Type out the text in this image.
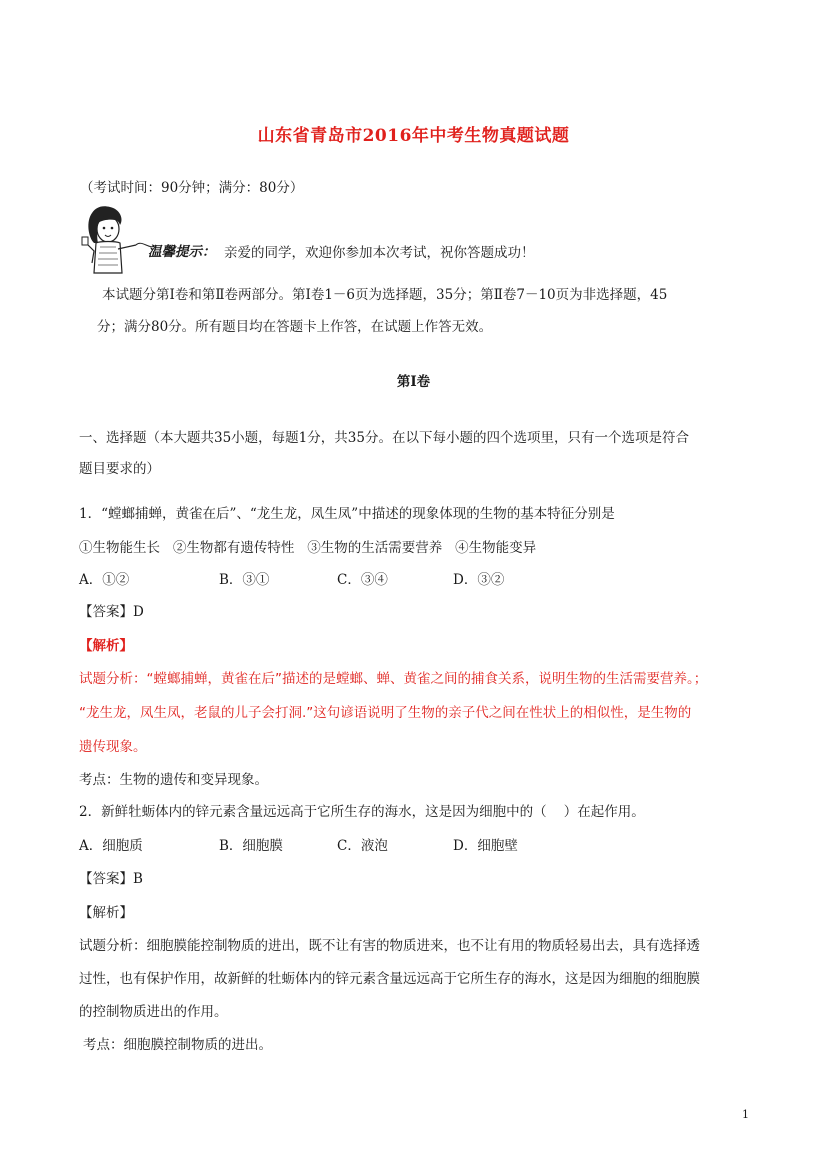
山东省青岛市2016年中考生物真题试题
（考试时间：90分钟；满分：80分）
温馨提示： 亲爱的同学，欢迎你参加本次考试，祝你答题成功！
本试题分第Ⅰ卷和第Ⅱ卷两部分。第Ⅰ卷1－6页为选择题，35分；第Ⅱ卷7－10页为非选择题，45
分；满分80分。所有题目均在答题卡上作答，在试题上作答无效。
第Ⅰ卷
一、选择题（本大题共35小题，每题1分，共35分。在以下每小题的四个选项里，只有一个选项是符合
题目要求的）
1．“螳螂捕蝉，黄雀在后”、“龙生龙，凤生凤”中描述的现象体现的生物的基本特征分别是
①生物能生长   ②生物都有遗传特性   ③生物的生活需要营养   ④生物能变异
A．①②	B．③①	C．③④	D．③②
【答案】D
【解析】
试题分析：“螳螂捕蝉，黄雀在后”描述的是螳螂、蝉、黄雀之间的捕食关系，说明生物的生活需要营养。；
“龙生龙，凤生凤，老鼠的儿子会打洞.”这句谚语说明了生物的亲子代之间在性状上的相似性，是生物的
遗传现象。
考点：生物的遗传和变异现象。
2．新鲜牡蛎体内的锌元素含量远远高于它所生存的海水，这是因为细胞中的（    ）在起作用。
A．细胞质	B．细胞膜	C．液泡	D．细胞壁
【答案】B
【解析】
试题分析：细胞膜能控制物质的进出，既不让有害的物质进来，也不让有用的物质轻易出去，具有选择透
过性，也有保护作用，故新鲜的牡蛎体内的锌元素含量远远高于它所生存的海水，这是因为细胞的细胞膜
的控制物质进出的作用。
考点：细胞膜控制物质的进出。
1
